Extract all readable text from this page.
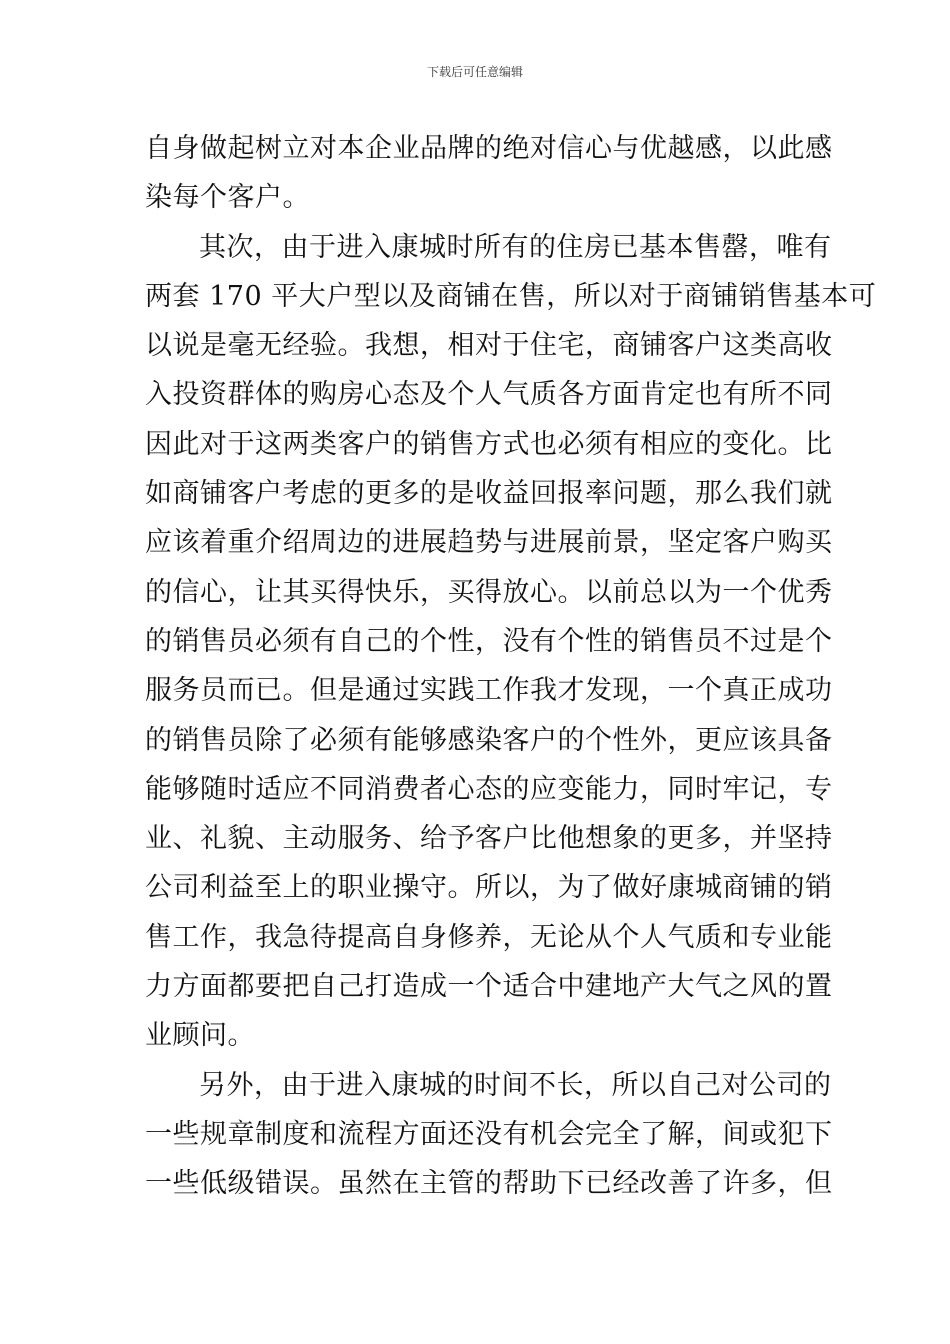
下载后可任意编辑
自身做起树立对本企业品牌的绝对信心与优越感，以此感
染每个客户。
其次，由于进入康城时所有的住房已基本售罄，唯有
两套 170 平大户型以及商铺在售，所以对于商铺销售基本可
以说是毫无经验。我想，相对于住宅，商铺客户这类高收
入投资群体的购房心态及个人气质各方面肯定也有所不同
因此对于这两类客户的销售方式也必须有相应的变化。比
如商铺客户考虑的更多的是收益回报率问题，那么我们就
应该着重介绍周边的进展趋势与进展前景，坚定客户购买
的信心，让其买得快乐，买得放心。以前总以为一个优秀
的销售员必须有自己的个性，没有个性的销售员不过是个
服务员而已。但是通过实践工作我才发现，一个真正成功
的销售员除了必须有能够感染客户的个性外，更应该具备
能够随时适应不同消费者心态的应变能力，同时牢记，专
业、礼貌、主动服务、给予客户比他想象的更多，并坚持
公司利益至上的职业操守。所以，为了做好康城商铺的销
售工作，我急待提高自身修养，无论从个人气质和专业能
力方面都要把自己打造成一个适合中建地产大气之风的置
业顾问。
另外，由于进入康城的时间不长，所以自己对公司的
一些规章制度和流程方面还没有机会完全了解，间或犯下
一些低级错误。虽然在主管的帮助下已经改善了许多，但
